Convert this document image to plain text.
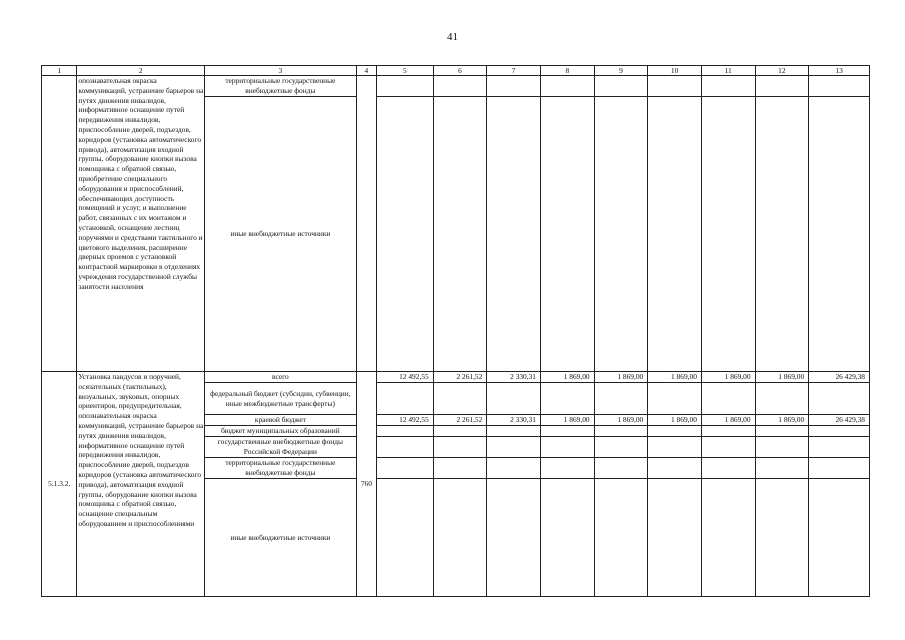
41
1	2	3	4	5	6	7	8	9	10	11	12	13
	опознавательная окраска коммуникаций, устранение барьеров на путях движения инвалидов, информативное оснащение путей передвижения инвалидов, приспособление дверей, подъездов, коридоров (установка автоматического привода), автоматизация входной группы, оборудование кнопки вызова помощника с обратной связью, приобретение специального оборудования и приспособлений, обеспечивающих доступность помещений и услуг, и выполнение работ, связанных с их монтажом и установкой, оснащение лестниц поручнями и средствами тактильного и цветового выделения, расширение дверных проемов с установкой контрастной маркировки в отделениях учреждения государственной службы занятости населения	территориальные государственные внебюджетные фонды										
		иные внебюджетные источники										
5.1.3.2.	Установка пандусов и поручней, осязательных (тактильных), визуальных, звуковых, опорных ориентиров, предупредительная, опознавательная окраска коммуникаций, устранение барьеров на путях движения инвалидов, информативное оснащение путей передвижения инвалидов, приспособление дверей, подъездов коридоров (установка автоматического привода), автоматизация входной группы, оборудование кнопки вызова помощника с обратной связью, оснащение специальным оборудованием и приспособлениями	всего	760	12 492,55	2 261,52	2 330,31	1 869,00	1 869,00	1 869,00	1 869,00	1 869,00	26 429,38
		федеральный бюджет (субсидии, субвенции, иные межбюджетные трансферты)										
		краевой бюджет		12 492,55	2 261,52	2 330,31	1 869,00	1 869,00	1 869,00	1 869,00	1 869,00	26 429,38
		бюджет муниципальных образований										
		государственные внебюджетные фонды Российской Федерации										
		территориальные государственные внебюджетные фонды										
		иные внебюджетные источники										
